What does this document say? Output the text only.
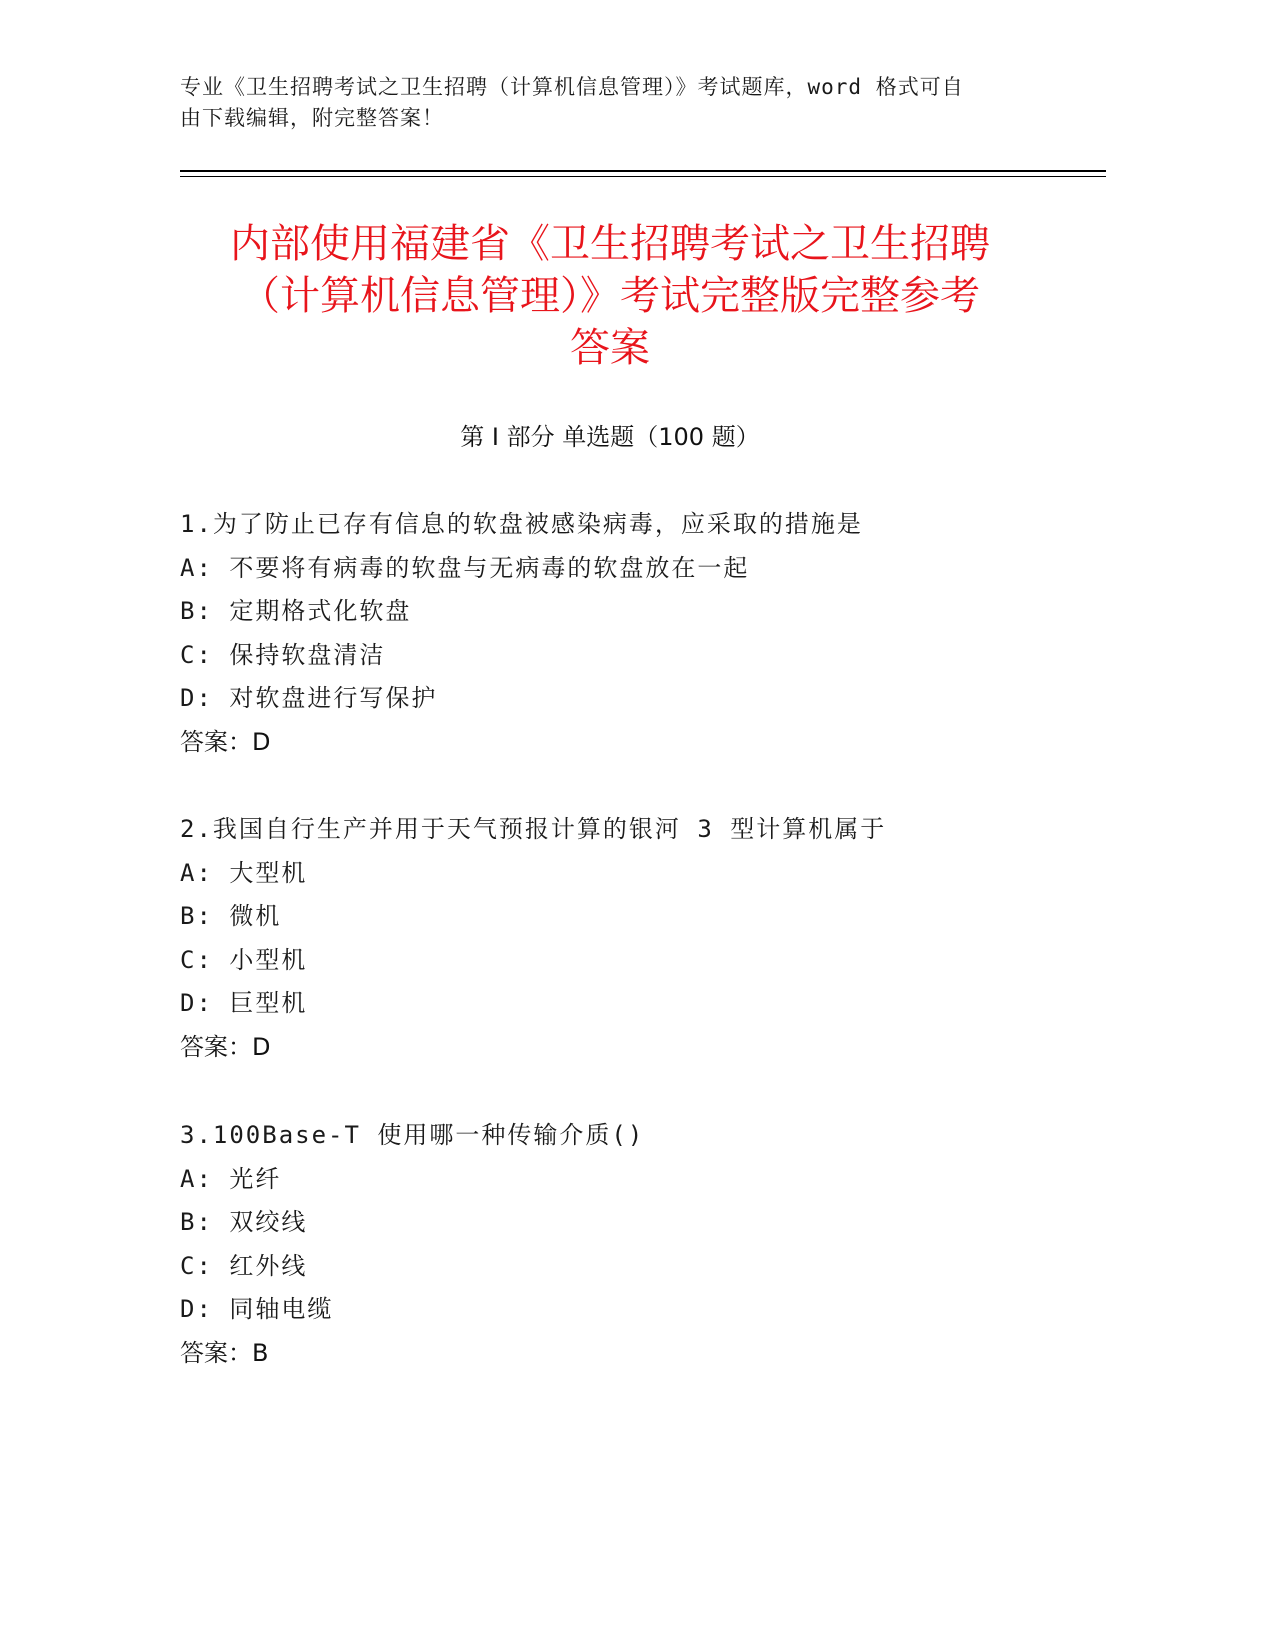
专业《卫生招聘考试之卫生招聘（计算机信息管理）》考试题库，word 格式可自
由下载编辑，附完整答案！
内部使用福建省《卫生招聘考试之卫生招聘
（计算机信息管理）》考试完整版完整参考
答案
第 I 部分 单选题（100 题）
1.为了防止已存有信息的软盘被感染病毒，应采取的措施是
A: 不要将有病毒的软盘与无病毒的软盘放在一起
B: 定期格式化软盘
C: 保持软盘清洁
D: 对软盘进行写保护
答案：D
2.我国自行生产并用于天气预报计算的银河 3 型计算机属于
A: 大型机
B: 微机
C: 小型机
D: 巨型机
答案：D
3.100Base-T 使用哪一种传输介质()
A: 光纤
B: 双绞线
C: 红外线
D: 同轴电缆
答案：B
